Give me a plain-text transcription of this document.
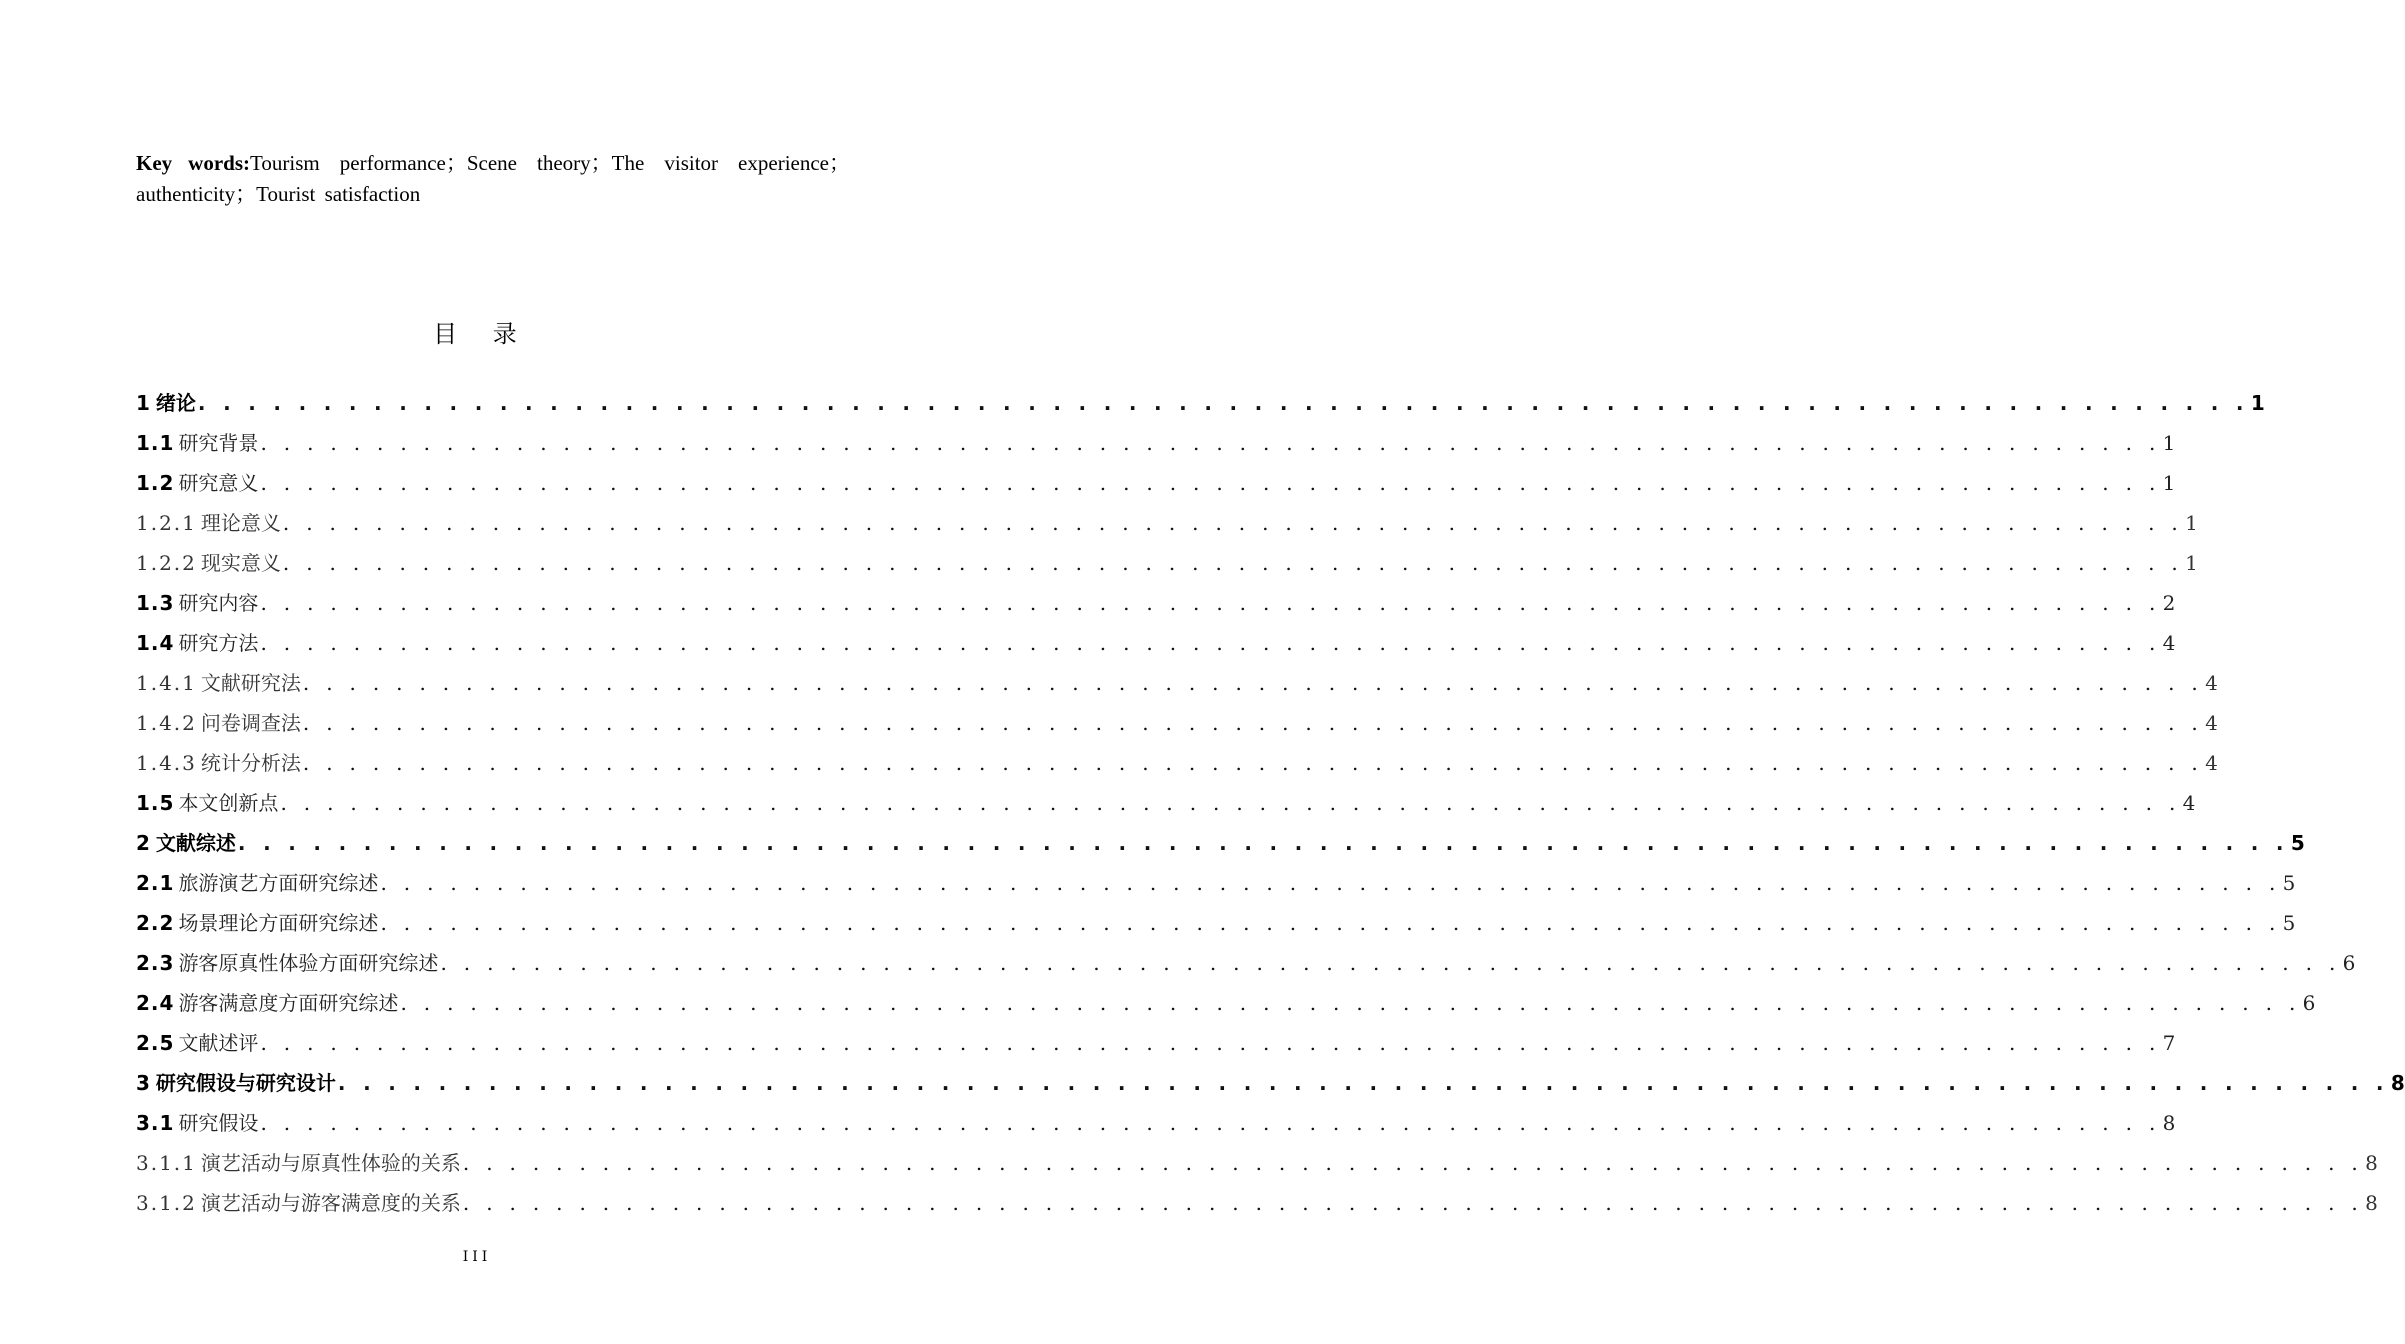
Key words:Tourism performance；Scene theory；The visitor experience；authenticity；Tourist satisfaction

目 录
1 绪论 . . . . . . . . . . . . . . . . . . . . . . . . . . . . . . . . . . . . . . . . . . . . . . . . . . . . . . . . . . . . . . . . . . . . . . . . . . . . . . . . . . 1
1.1 研究背景 . . . . . . . . . . . . . . . . . . . . . . . . . . . . . . . . . . . . . . . . . . . . . . . . . . . . . . . . . . . . . . . . . . . . . . . . . . . . . . . . . . 1
1.2 研究意义 . . . . . . . . . . . . . . . . . . . . . . . . . . . . . . . . . . . . . . . . . . . . . . . . . . . . . . . . . . . . . . . . . . . . . . . . . . . . . . . . . . 1
1.2.1 理论意义 . . . . . . . . . . . . . . . . . . . . . . . . . . . . . . . . . . . . . . . . . . . . . . . . . . . . . . . . . . . . . . . . . . . . . . . . . . . . . . . . . . 1
1.2.2 现实意义 . . . . . . . . . . . . . . . . . . . . . . . . . . . . . . . . . . . . . . . . . . . . . . . . . . . . . . . . . . . . . . . . . . . . . . . . . . . . . . . . . . 1
1.3 研究内容 . . . . . . . . . . . . . . . . . . . . . . . . . . . . . . . . . . . . . . . . . . . . . . . . . . . . . . . . . . . . . . . . . . . . . . . . . . . . . . . . . . 2
1.4 研究方法 . . . . . . . . . . . . . . . . . . . . . . . . . . . . . . . . . . . . . . . . . . . . . . . . . . . . . . . . . . . . . . . . . . . . . . . . . . . . . . . . . . 4
1.4.1 文献研究法 . . . . . . . . . . . . . . . . . . . . . . . . . . . . . . . . . . . . . . . . . . . . . . . . . . . . . . . . . . . . . . . . . . . . . . . . . . . . . . . . . . 4
1.4.2 问卷调查法 . . . . . . . . . . . . . . . . . . . . . . . . . . . . . . . . . . . . . . . . . . . . . . . . . . . . . . . . . . . . . . . . . . . . . . . . . . . . . . . . . . 4
1.4.3 统计分析法 . . . . . . . . . . . . . . . . . . . . . . . . . . . . . . . . . . . . . . . . . . . . . . . . . . . . . . . . . . . . . . . . . . . . . . . . . . . . . . . . . . 4
1.5 本文创新点 . . . . . . . . . . . . . . . . . . . . . . . . . . . . . . . . . . . . . . . . . . . . . . . . . . . . . . . . . . . . . . . . . . . . . . . . . . . . . . . . . . 4
2 文献综述 . . . . . . . . . . . . . . . . . . . . . . . . . . . . . . . . . . . . . . . . . . . . . . . . . . . . . . . . . . . . . . . . . . . . . . . . . . . . . . . . . . 5
2.1 旅游演艺方面研究综述 . . . . . . . . . . . . . . . . . . . . . . . . . . . . . . . . . . . . . . . . . . . . . . . . . . . . . . . . . . . . . . . . . . . . . . . . . . . . . . . . . . 5
2.2 场景理论方面研究综述 . . . . . . . . . . . . . . . . . . . . . . . . . . . . . . . . . . . . . . . . . . . . . . . . . . . . . . . . . . . . . . . . . . . . . . . . . . . . . . . . . . 5
2.3 游客原真性体验方面研究综述 . . . . . . . . . . . . . . . . . . . . . . . . . . . . . . . . . . . . . . . . . . . . . . . . . . . . . . . . . . . . . . . . . . . . . . . . . . . . . . . . . . 6
2.4 游客满意度方面研究综述 . . . . . . . . . . . . . . . . . . . . . . . . . . . . . . . . . . . . . . . . . . . . . . . . . . . . . . . . . . . . . . . . . . . . . . . . . . . . . . . . . . 6
2.5 文献述评 . . . . . . . . . . . . . . . . . . . . . . . . . . . . . . . . . . . . . . . . . . . . . . . . . . . . . . . . . . . . . . . . . . . . . . . . . . . . . . . . . . 7
3 研究假设与研究设计 . . . . . . . . . . . . . . . . . . . . . . . . . . . . . . . . . . . . . . . . . . . . . . . . . . . . . . . . . . . . . . . . . . . . . . . . . . . . . . . . . . 8
3.1 研究假设 . . . . . . . . . . . . . . . . . . . . . . . . . . . . . . . . . . . . . . . . . . . . . . . . . . . . . . . . . . . . . . . . . . . . . . . . . . . . . . . . . . 8
3.1.1 演艺活动与原真性体验的关系 . . . . . . . . . . . . . . . . . . . . . . . . . . . . . . . . . . . . . . . . . . . . . . . . . . . . . . . . . . . . . . . . . . . . . . . . . . . . . . . . . . 8
3.1.2 演艺活动与游客满意度的关系 . . . . . . . . . . . . . . . . . . . . . . . . . . . . . . . . . . . . . . . . . . . . . . . . . . . . . . . . . . . . . . . . . . . . . . . . . . . . . . . . . . 8
III
